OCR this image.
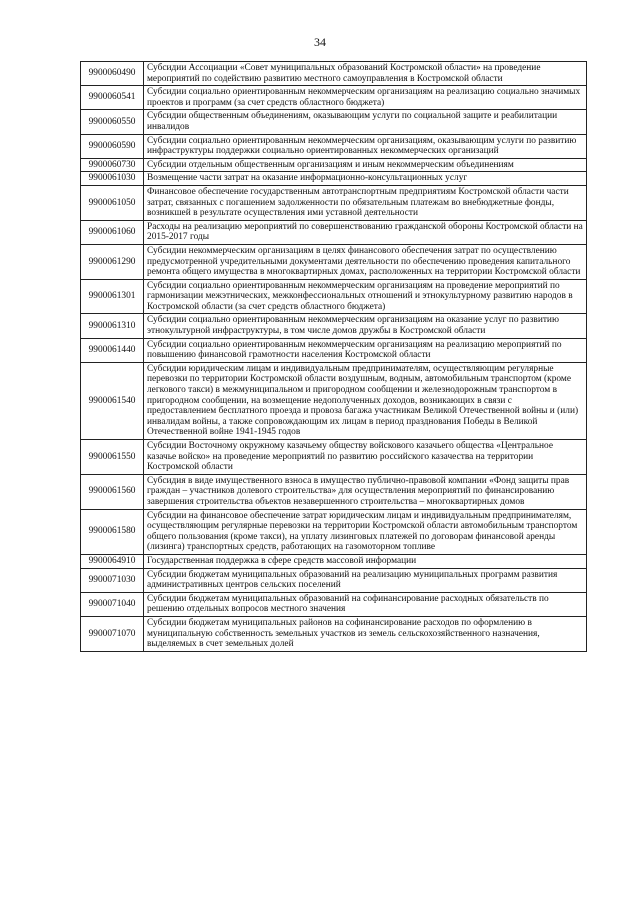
34
9900060490	Субсидии Ассоциации «Совет муниципальных образований Костромской области» на проведение мероприятий по содействию развитию местного самоуправления в Костромской области
9900060541	Субсидии социально ориентированным некоммерческим организациям на реализацию социально значимых проектов и программ (за счет средств областного бюджета)
9900060550	Субсидии общественным объединениям, оказывающим услуги по социальной защите и реабилитации инвалидов
9900060590	Субсидии социально ориентированным некоммерческим организациям, оказывающим услуги по развитию инфраструктуры поддержки социально ориентированных некоммерческих организаций
9900060730	Субсидии отдельным общественным организациям и иным некоммерческим объединениям
9900061030	Возмещение части затрат на оказание информационно-консультационных услуг
9900061050	Финансовое обеспечение государственным автотранспортным предприятиям Костромской области части затрат, связанных с погашением задолженности по обязательным платежам во внебюджетные фонды, возникшей в результате осуществления ими уставной деятельности
9900061060	Расходы на реализацию мероприятий по совершенствованию гражданской обороны Костромской области на 2015-2017 годы
9900061290	Субсидии некоммерческим организациям в целях финансового обеспечения затрат по осуществлению предусмотренной учредительными документами деятельности по обеспечению проведения капитального ремонта общего имущества в многоквартирных домах, расположенных на территории Костромской области
9900061301	Субсидии социально ориентированным некоммерческим организациям на проведение мероприятий по гармонизации межэтнических, межконфессиональных отношений и этнокультурному развитию народов в Костромской области (за счет средств областного бюджета)
9900061310	Субсидии социально ориентированным некоммерческим организациям на оказание услуг по развитию этнокультурной инфраструктуры, в том числе домов дружбы в Костромской области
9900061440	Субсидии социально ориентированным некоммерческим организациям на реализацию мероприятий по повышению финансовой грамотности населения Костромской области
9900061540	Субсидии юридическим лицам и индивидуальным предпринимателям, осуществляющим регулярные перевозки по территории Костромской области воздушным, водным, автомобильным транспортом (кроме легкового такси) в межмуниципальном и пригородном сообщении и железнодорожным транспортом в пригородном сообщении, на возмещение недополученных доходов, возникающих в связи с предоставлением бесплатного проезда и провоза багажа участникам Великой Отечественной войны и (или) инвалидам войны, а также сопровождающим их лицам в период празднования Победы в Великой Отечественной войне 1941-1945 годов
9900061550	Субсидии Восточному окружному казачьему обществу войскового казачьего общества «Центральное казачье войско» на проведение мероприятий по развитию российского казачества на территории Костромской области
9900061560	Субсидия в виде имущественного взноса в имущество публично-правовой компании «Фонд защиты прав граждан – участников долевого строительства» для осуществления мероприятий по финансированию завершения строительства объектов незавершенного строительства – многоквартирных домов
9900061580	Субсидии на финансовое обеспечение затрат юридическим лицам и индивидуальным предпринимателям, осуществляющим регулярные перевозки на территории Костромской области автомобильным транспортом общего пользования (кроме такси), на уплату лизинговых платежей по договорам финансовой аренды (лизинга) транспортных средств, работающих на газомоторном топливе
9900064910	Государственная поддержка в сфере средств массовой информации
9900071030	Субсидии бюджетам муниципальных образований на реализацию муниципальных программ развития административных центров сельских поселений
9900071040	Субсидии бюджетам муниципальных образований на софинансирование расходных обязательств по решению отдельных вопросов местного значения
9900071070	Субсидии бюджетам муниципальных районов на софинансирование расходов по оформлению в муниципальную собственность земельных участков из земель сельскохозяйственного назначения, выделяемых в счет земельных долей
